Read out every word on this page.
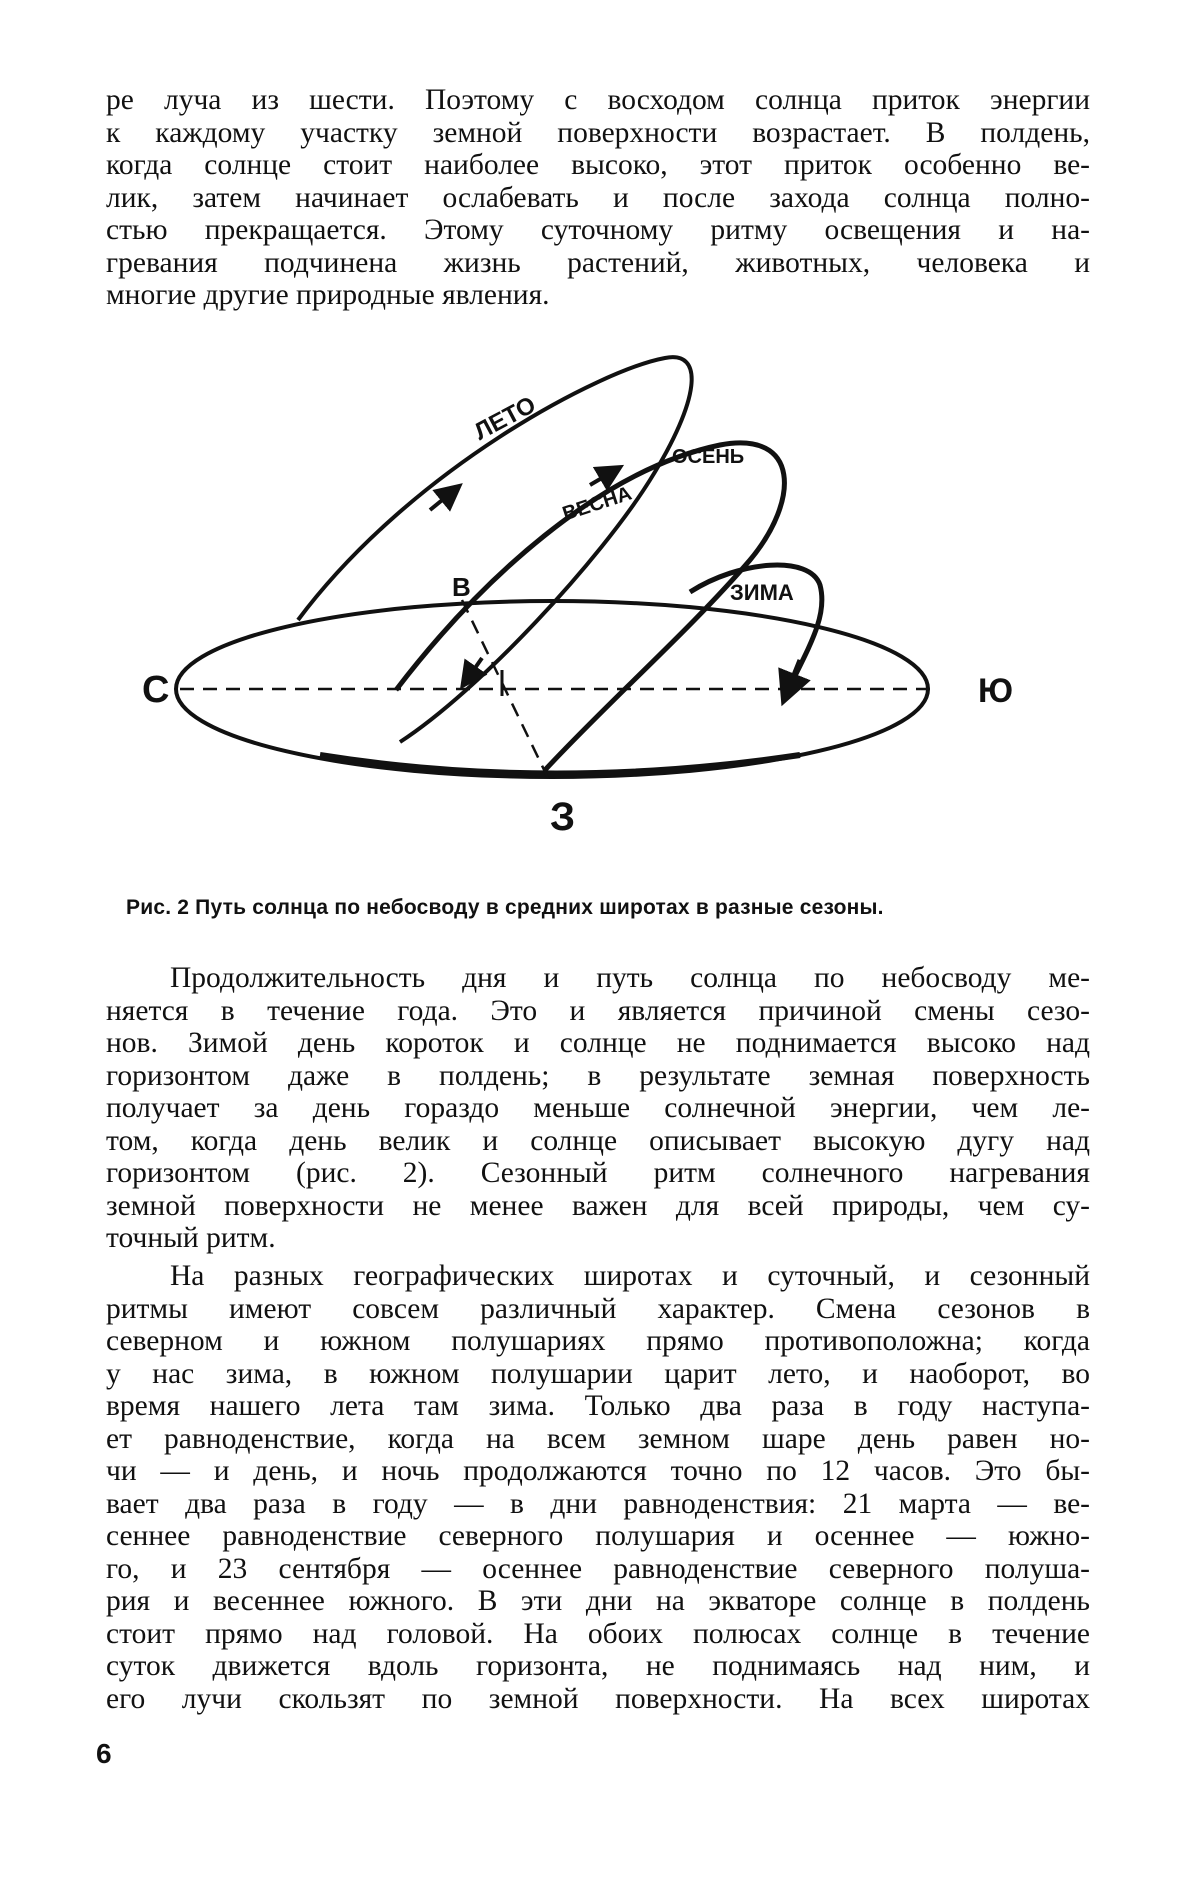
ре луча из шести. Поэтому с восходом солнца приток энергии
к каждому участку земной поверхности возрастает. В полдень,
когда солнце стоит наиболее высоко, этот приток особенно ве-
лик, затем начинает ослабевать и после захода солнца полно-
стью прекращается. Этому суточному ритму освещения и на-
гревания подчинена жизнь растений, животных, человека и
многие другие природные явления.
ЛЕТО
ВЕСНА
ОСЕНЬ
ЗИМА
В
С	Ю
З
Рис. 2 Путь солнца по небосводу в средних широтах в разные сезоны.
Продолжительность дня и путь солнца по небосводу ме-
няется в течение года. Это и является причиной смены сезо-
нов. Зимой день короток и солнце не поднимается высоко над
горизонтом даже в полдень; в результате земная поверхность
получает за день гораздо меньше солнечной энергии, чем ле-
том, когда день велик и солнце описывает высокую дугу над
горизонтом (рис. 2). Сезонный ритм солнечного нагревания
земной поверхности не менее важен для всей природы, чем су-
точный ритм.
На разных географических широтах и суточный, и сезонный
ритмы имеют совсем различный характер. Смена сезонов в
северном и южном полушариях прямо противоположна; когда
у нас зима, в южном полушарии царит лето, и наоборот, во
время нашего лета там зима. Только два раза в году наступа-
ет равноденствие, когда на всем земном шаре день равен но-
чи — и день, и ночь продолжаются точно по 12 часов. Это бы-
вает два раза в году — в дни равноденствия: 21 марта — ве-
сеннее равноденствие северного полушария и осеннее — южно-
го, и 23 сентября — осеннее равноденствие северного полуша-
рия и весеннее южного. В эти дни на экваторе солнце в полдень
стоит прямо над головой. На обоих полюсах солнце в течение
суток движется вдоль горизонта, не поднимаясь над ним, и
его лучи скользят по земной поверхности. На всех широтах
6
